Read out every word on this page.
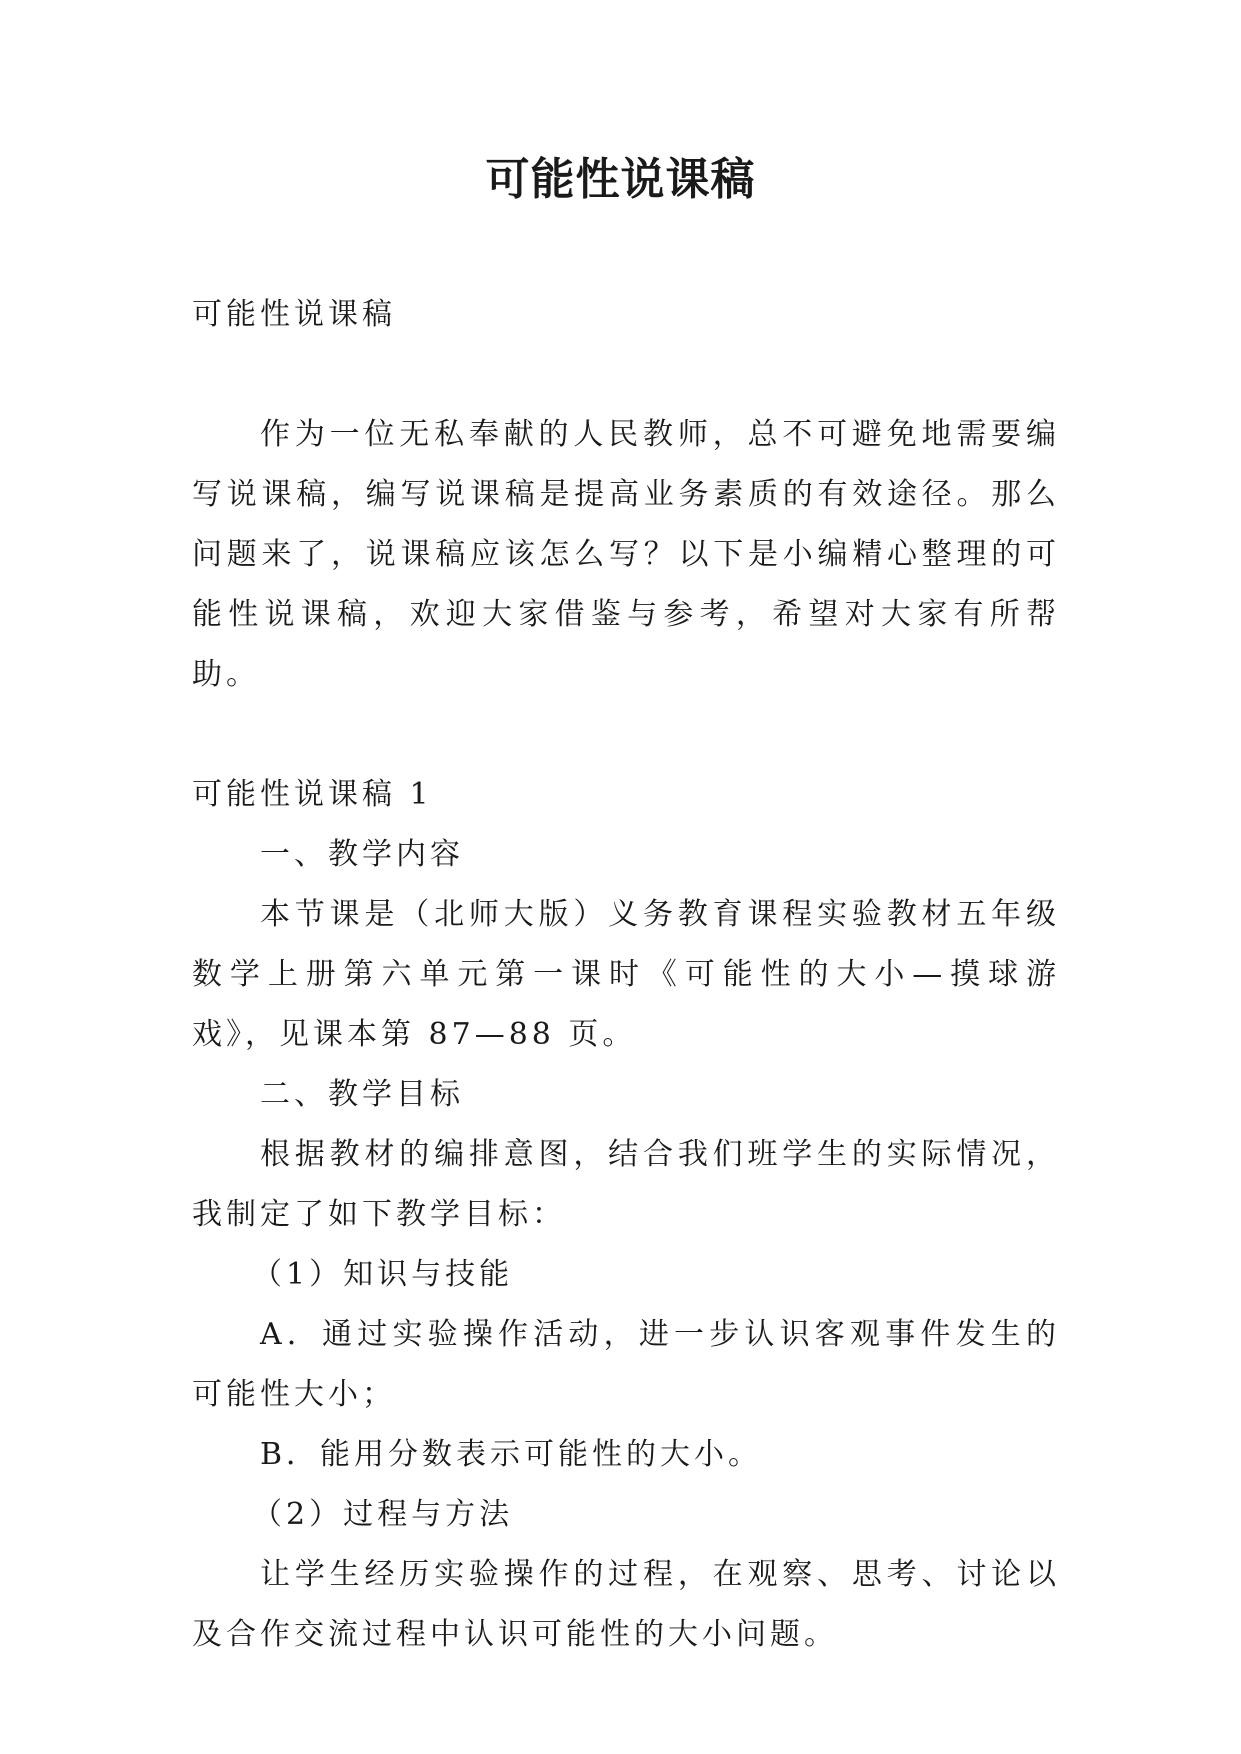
可能性说课稿

可能性说课稿

作为一位无私奉献的人民教师，总不可避免地需要编写说课稿，编写说课稿是提高业务素质的有效途径。那么问题来了，说课稿应该怎么写？以下是小编精心整理的可能性说课稿，欢迎大家借鉴与参考，希望对大家有所帮助。

可能性说课稿 1

一、教学内容

本节课是（北师大版）义务教育课程实验教材五年级数学上册第六单元第一课时《可能性的大小—摸球游戏》，见课本第 87—88 页。

二、教学目标

根据教材的编排意图，结合我们班学生的实际情况，我制定了如下教学目标：

（1）知识与技能

A．通过实验操作活动，进一步认识客观事件发生的可能性大小；

B．能用分数表示可能性的大小。

（2）过程与方法

让学生经历实验操作的过程，在观察、思考、讨论以及合作交流过程中认识可能性的大小问题。
